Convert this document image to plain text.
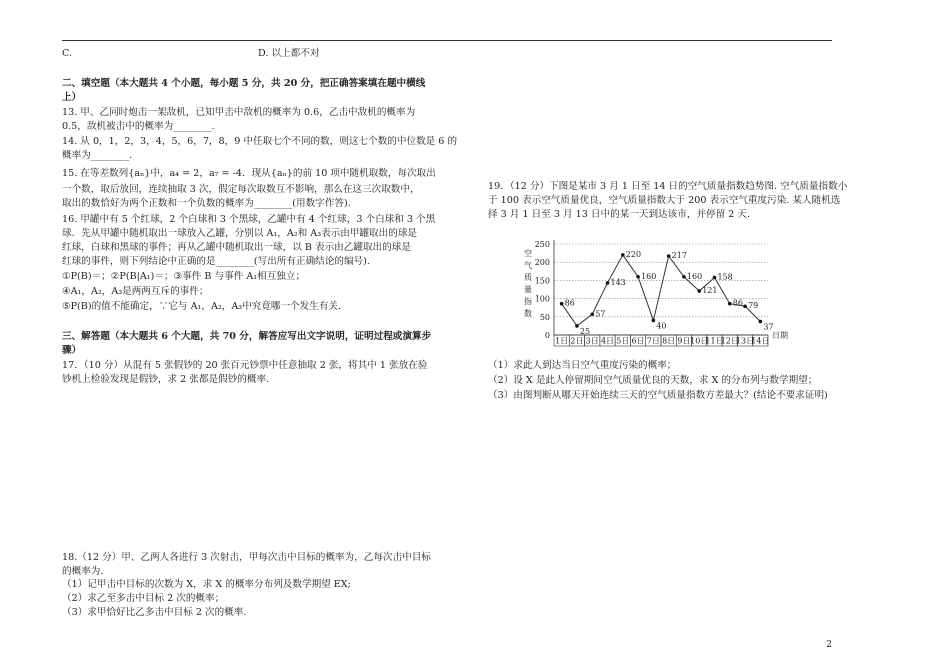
C.	D. 以上都不对
二、填空题（本大题共 4 个小题，每小题 5 分，共 20 分，把正确答案填在题中横线
上）
13. 甲、乙同时炮击一架敌机，已知甲击中敌机的概率为 0.6，乙击中敌机的概率为
0.5，敌机被击中的概率为________.
14. 从 0，1，2，3，4，5，6，7，8，9 中任取七个不同的数，则这七个数的中位数是 6 的
概率为________.
15. 在等差数列{aₙ}中，a₄ = 2，a₇ = -4．现从{aₙ}的前 10 项中随机取数，每次取出
一个数，取后放回，连续抽取 3 次，假定每次取数互不影响，那么在这三次取数中，
取出的数恰好为两个正数和一个负数的概率为________(用数字作答).
16. 甲罐中有 5 个红球，2 个白球和 3 个黑球，乙罐中有 4 个红球，3 个白球和 3 个黑
球．先从甲罐中随机取出一球放入乙罐，分别以 A₁，A₂和 A₃表示由甲罐取出的球是
红球，白球和黑球的事件；再从乙罐中随机取出一球，以 B 表示由乙罐取出的球是
红球的事件，则下列结论中正确的是________(写出所有正确结论的编号).
①P(B)＝；②P(B|A₁)＝；③事件 B 与事件 A₁相互独立；
④A₁，A₂，A₃是两两互斥的事件；
⑤P(B)的值不能确定，∵它与 A₁，A₂，A₃中究竟哪一个发生有关.
三、解答题（本大题共 6 个大题，共 70 分，解答应写出文字说明，证明过程或演算步
骤）
17．（10 分）从混有 5 张假钞的 20 张百元钞票中任意抽取 2 张，将其中 1 张放在验
钞机上检验发现是假钞，求 2 张都是假钞的概率.
18.（12 分）甲、乙两人各进行 3 次射击，甲每次击中目标的概率为，乙每次击中目标
的概率为.
（1）记甲击中目标的次数为 X，求 X 的概率分布列及数学期望 EX;
（2）求乙至多击中目标 2 次的概率；
（3）求甲恰好比乙多击中目标 2 次的概率.
19．（12 分）下图是某市 3 月 1 日至 14 日的空气质量指数趋势图. 空气质量指数小
于 100 表示空气质量优良，空气质量指数大于 200 表示空气重度污染. 某人随机选
择 3 月 1 日至 3 月 13 日中的某一天到达该市，并停留 2 天.
0
50
100
150
200
250
空
气
质
量
指
数
1日 2日 3日 4日 5日 6日 7日 8日 9日 10日
11日
12日
13日
14日
日期
86
25
57
143
220
160
40
217
160
121
158
86 79
37
（1）求此人到达当日空气重度污染的概率；
（2）设 X 是此人停留期间空气质量优良的天数，求 X 的分布列与数学期望；
（3）由图判断从哪天开始连续三天的空气质量指数方差最大？(结论不要求证明)
2
